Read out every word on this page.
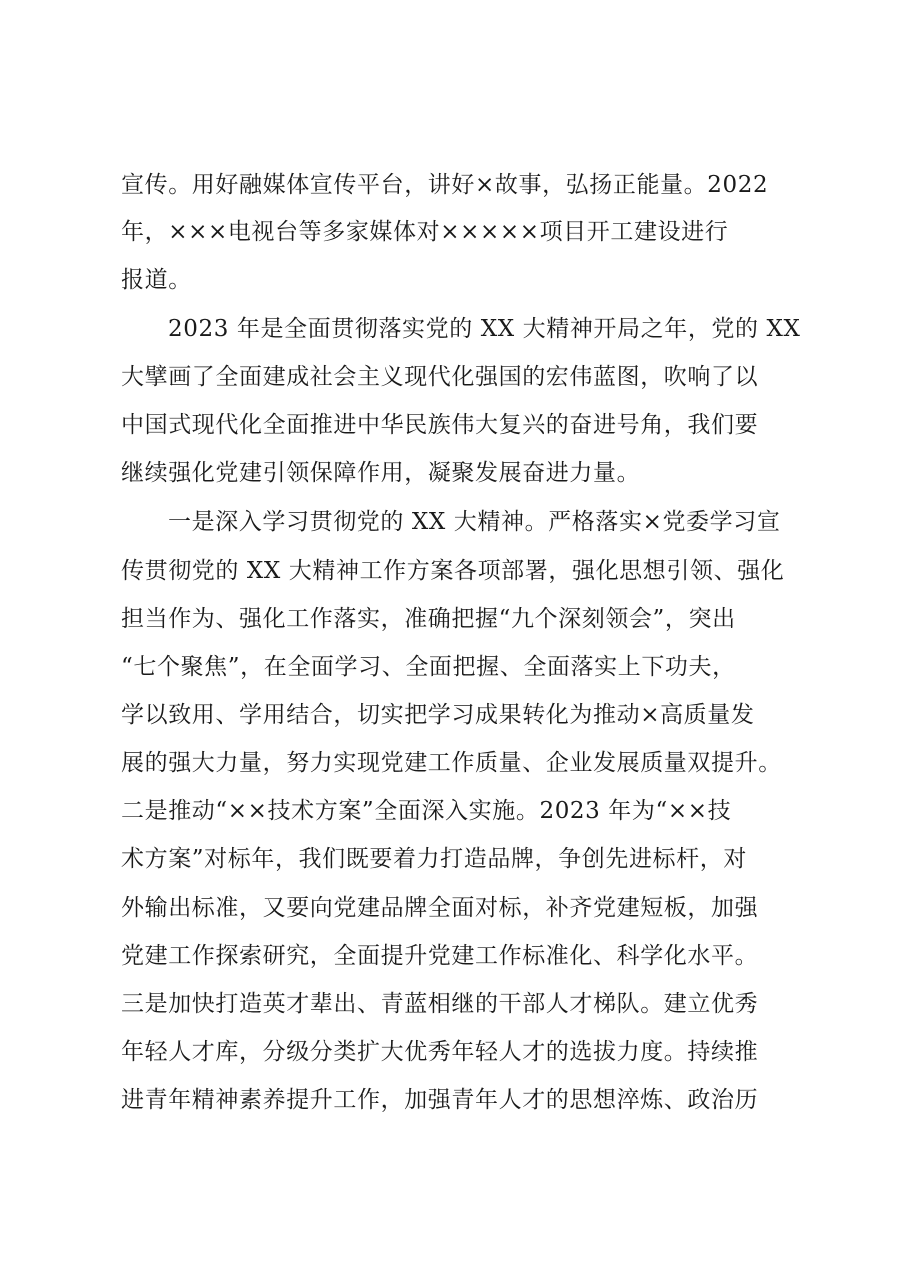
宣传。用好融媒体宣传平台，讲好×故事，弘扬正能量。2022

年，×××电视台等多家媒体对×××××项目开工建设进行

报道。

2023 年是全面贯彻落实党的 XX 大精神开局之年，党的 XX

大擘画了全面建成社会主义现代化强国的宏伟蓝图，吹响了以

中国式现代化全面推进中华民族伟大复兴的奋进号角，我们要

继续强化党建引领保障作用，凝聚发展奋进力量。

一是深入学习贯彻党的 XX 大精神。严格落实×党委学习宣

传贯彻党的 XX 大精神工作方案各项部署，强化思想引领、强化

担当作为、强化工作落实，准确把握“九个深刻领会”，突出

“七个聚焦”，在全面学习、全面把握、全面落实上下功夫，

学以致用、学用结合，切实把学习成果转化为推动×高质量发

展的强大力量，努力实现党建工作质量、企业发展质量双提升。

二是推动“××技术方案”全面深入实施。2023 年为“××技

术方案”对标年，我们既要着力打造品牌，争创先进标杆，对

外输出标准，又要向党建品牌全面对标，补齐党建短板，加强

党建工作探索研究，全面提升党建工作标准化、科学化水平。

三是加快打造英才辈出、青蓝相继的干部人才梯队。建立优秀

年轻人才库，分级分类扩大优秀年轻人才的选拔力度。持续推

进青年精神素养提升工作，加强青年人才的思想淬炼、政治历
